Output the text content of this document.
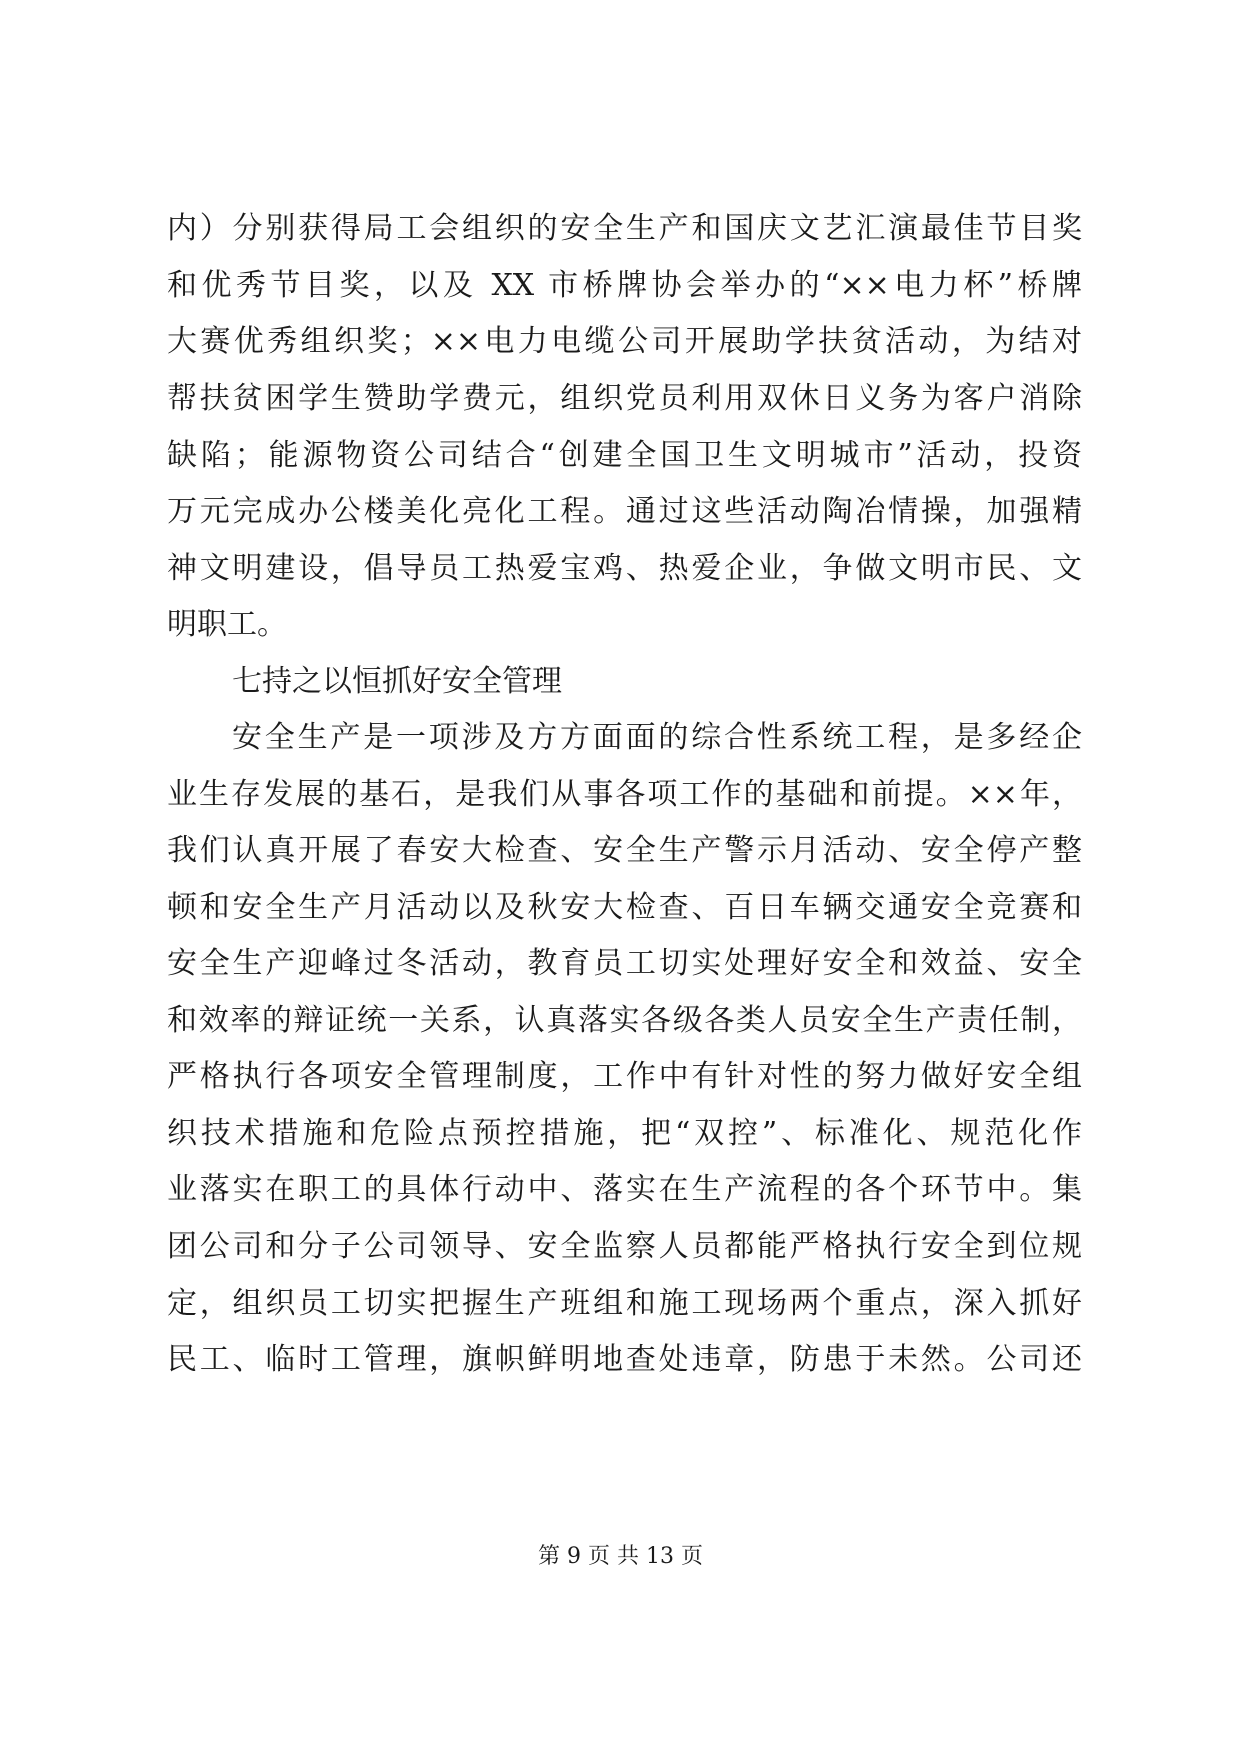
内）分别获得局工会组织的安全生产和国庆文艺汇演最佳节目奖
和优秀节目奖，以及 XX 市桥牌协会举办的“××电力杯”桥牌
大赛优秀组织奖；××电力电缆公司开展助学扶贫活动，为结对
帮扶贫困学生赞助学费元，组织党员利用双休日义务为客户消除
缺陷；能源物资公司结合“创建全国卫生文明城市”活动，投资
万元完成办公楼美化亮化工程。通过这些活动陶冶情操，加强精
神文明建设，倡导员工热爱宝鸡、热爱企业，争做文明市民、文
明职工。
七持之以恒抓好安全管理
安全生产是一项涉及方方面面的综合性系统工程，是多经企
业生存发展的基石，是我们从事各项工作的基础和前提。××年，
我们认真开展了春安大检查、安全生产警示月活动、安全停产整
顿和安全生产月活动以及秋安大检查、百日车辆交通安全竞赛和
安全生产迎峰过冬活动，教育员工切实处理好安全和效益、安全
和效率的辩证统一关系，认真落实各级各类人员安全生产责任制，
严格执行各项安全管理制度，工作中有针对性的努力做好安全组
织技术措施和危险点预控措施，把“双控”、标准化、规范化作
业落实在职工的具体行动中、落实在生产流程的各个环节中。集
团公司和分子公司领导、安全监察人员都能严格执行安全到位规
定，组织员工切实把握生产班组和施工现场两个重点，深入抓好
民工、临时工管理，旗帜鲜明地查处违章，防患于未然。公司还
第 9 页 共 13 页
